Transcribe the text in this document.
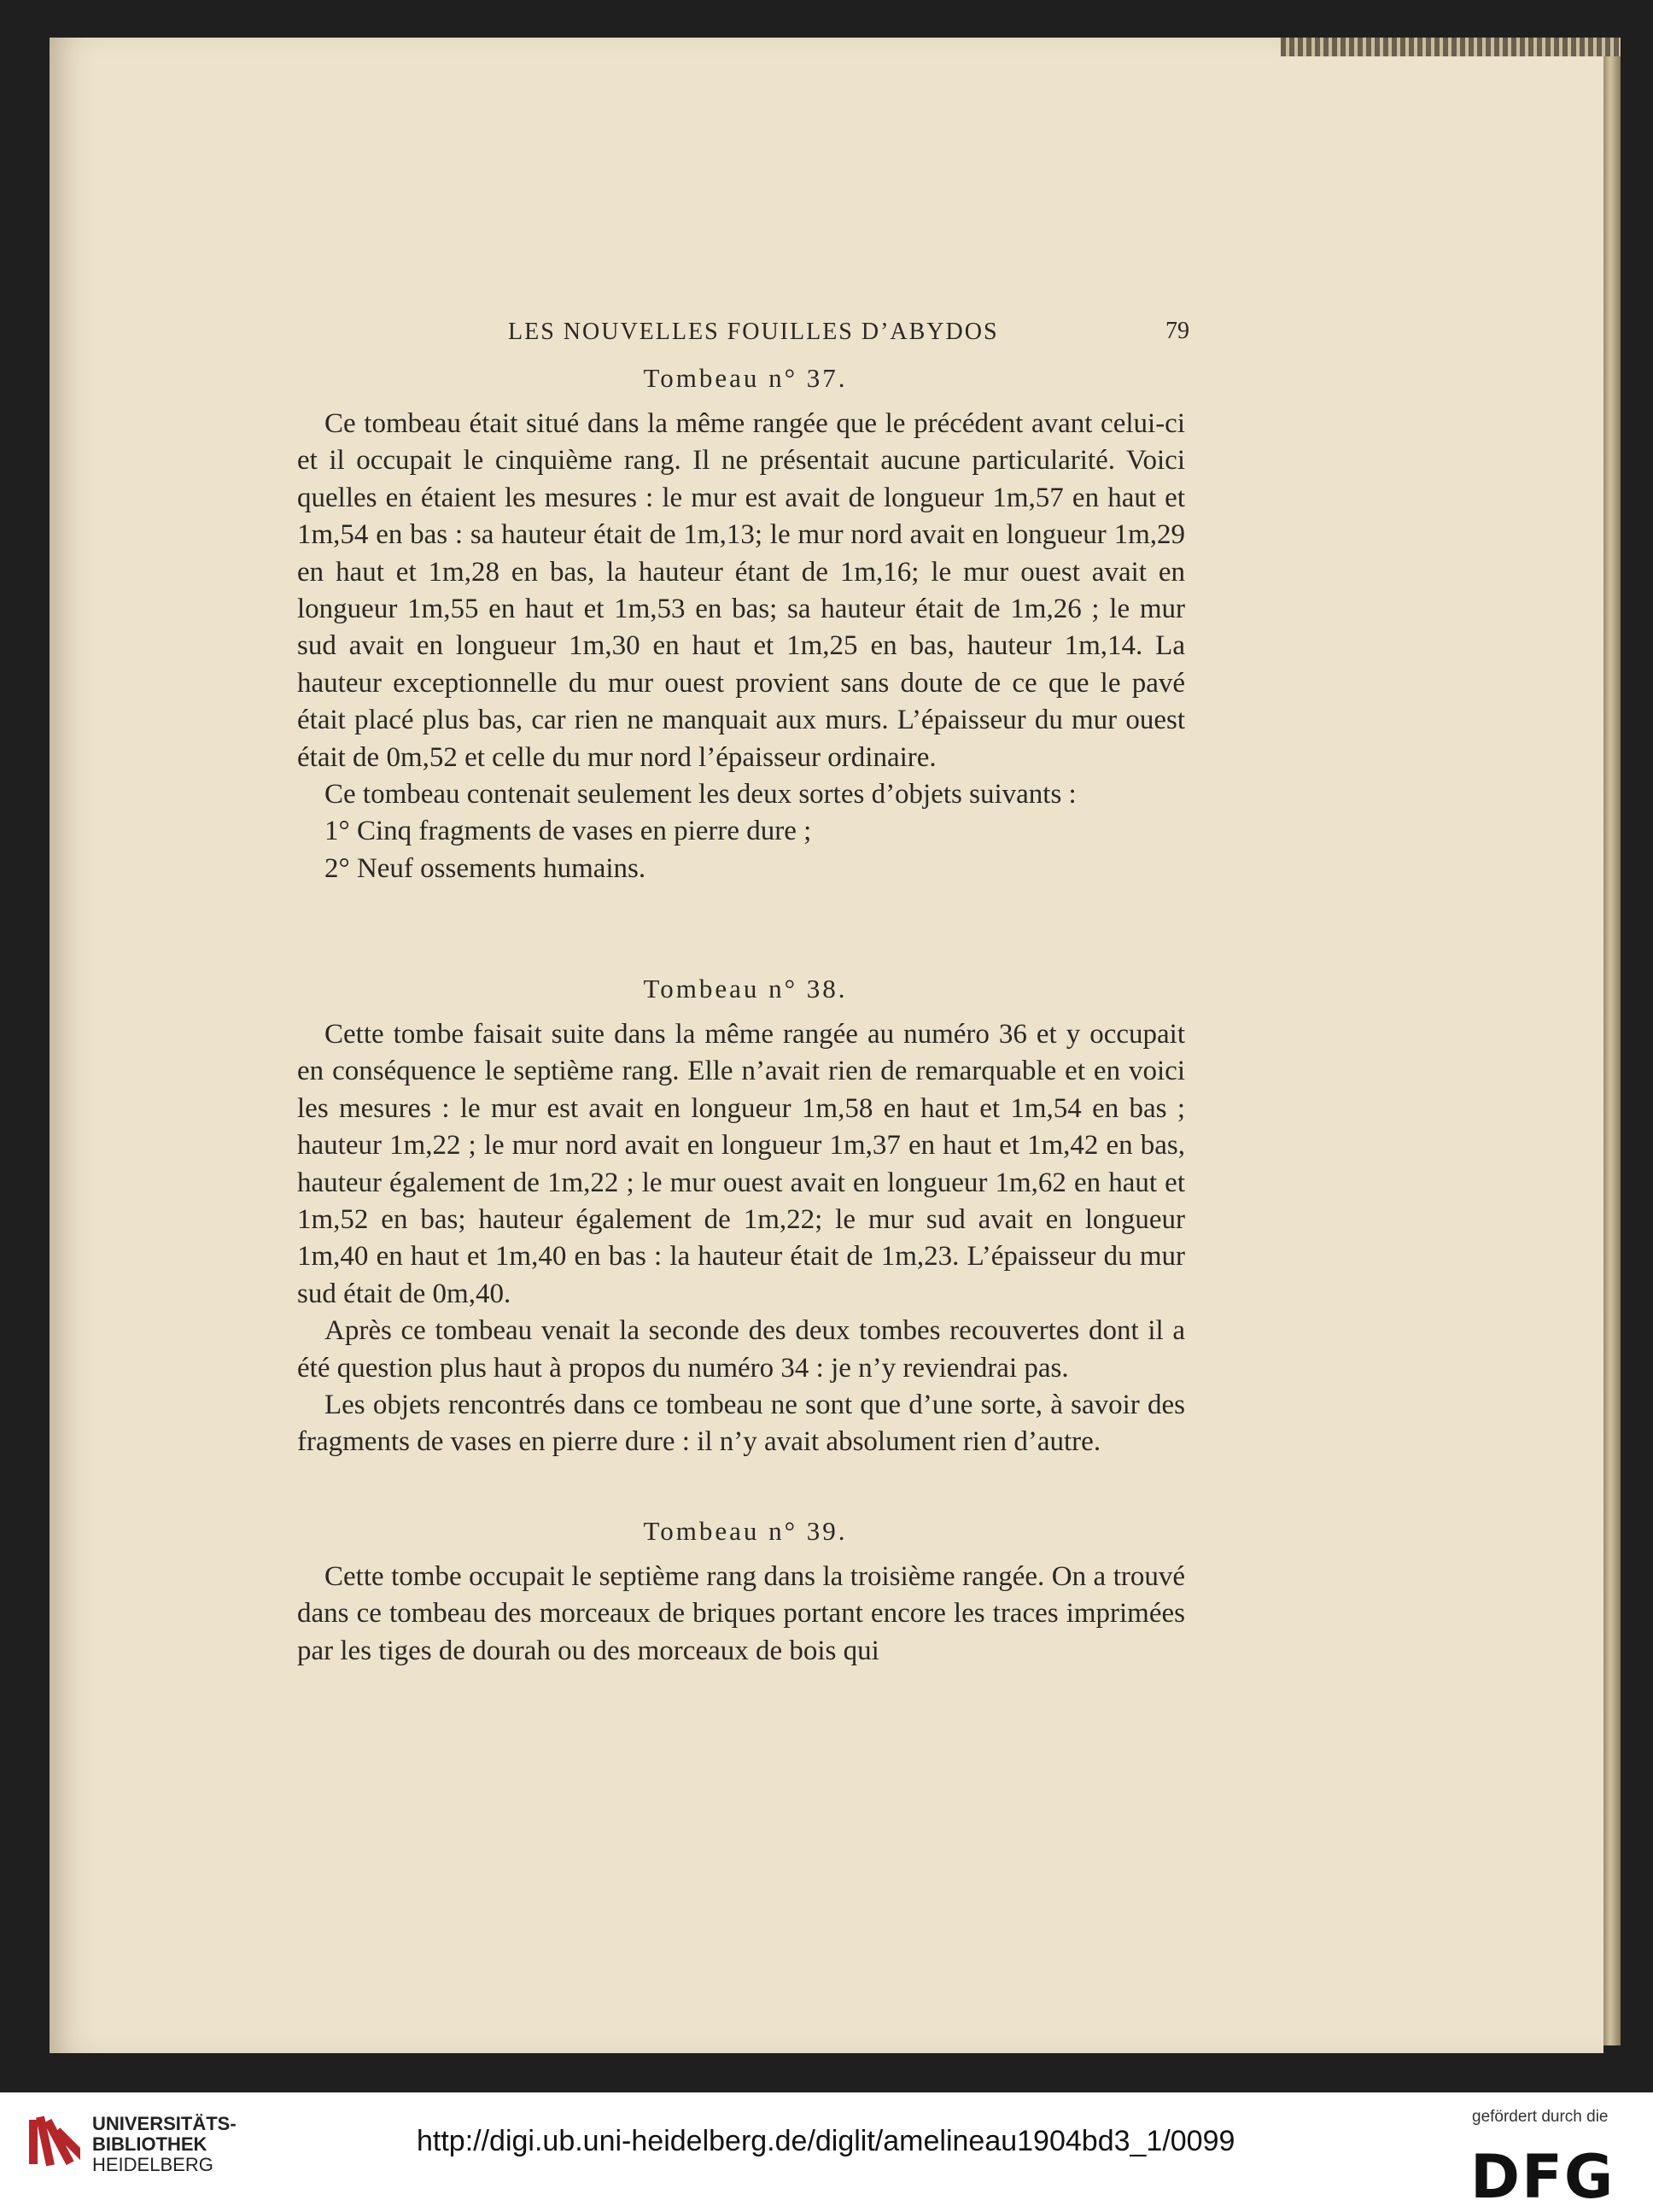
LES NOUVELLES FOUILLES D’ABYDOS	79
Tombeau n° 37.

Ce tombeau était situé dans la même rangée que le précédent avant celui-ci et il occupait le cinquième rang. Il ne présentait aucune particularité. Voici quelles en étaient les mesures : le mur est avait de longueur 1m,57 en haut et 1m,54 en bas : sa hauteur était de 1m,13; le mur nord avait en longueur 1m,29 en haut et 1m,28 en bas, la hauteur étant de 1m,16; le mur ouest avait en longueur 1m,55 en haut et 1m,53 en bas; sa hauteur était de 1m,26 ; le mur sud avait en longueur 1m,30 en haut et 1m,25 en bas, hauteur 1m,14. La hauteur exceptionnelle du mur ouest provient sans doute de ce que le pavé était placé plus bas, car rien ne manquait aux murs. L’épaisseur du mur ouest était de 0m,52 et celle du mur nord l’épaisseur ordinaire.

Ce tombeau contenait seulement les deux sortes d’objets suivants :

1° Cinq fragments de vases en pierre dure ;

2° Neuf ossements humains.

Tombeau n° 38.

Cette tombe faisait suite dans la même rangée au numéro 36 et y occupait en conséquence le septième rang. Elle n’avait rien de remarquable et en voici les mesures : le mur est avait en longueur 1m,58 en haut et 1m,54 en bas ; hauteur 1m,22 ; le mur nord avait en longueur 1m,37 en haut et 1m,42 en bas, hauteur également de 1m,22 ; le mur ouest avait en longueur 1m,62 en haut et 1m,52 en bas; hauteur également de 1m,22; le mur sud avait en longueur 1m,40 en haut et 1m,40 en bas : la hauteur était de 1m,23. L’épaisseur du mur sud était de 0m,40.

Après ce tombeau venait la seconde des deux tombes recouvertes dont il a été question plus haut à propos du numéro 34 : je n’y reviendrai pas.

Les objets rencontrés dans ce tombeau ne sont que d’une sorte, à savoir des fragments de vases en pierre dure : il n’y avait absolument rien d’autre.

Tombeau n° 39.

Cette tombe occupait le septième rang dans la troisième rangée. On a trouvé dans ce tombeau des morceaux de briques portant encore les traces imprimées par les tiges de dourah ou des morceaux de bois qui

UNIVERSITÄTS-
BIBLIOTHEK
HEIDELBERG
http://digi.ub.uni-heidelberg.de/diglit/amelineau1904bd3_1/0099
gefördert durch die
DFG
